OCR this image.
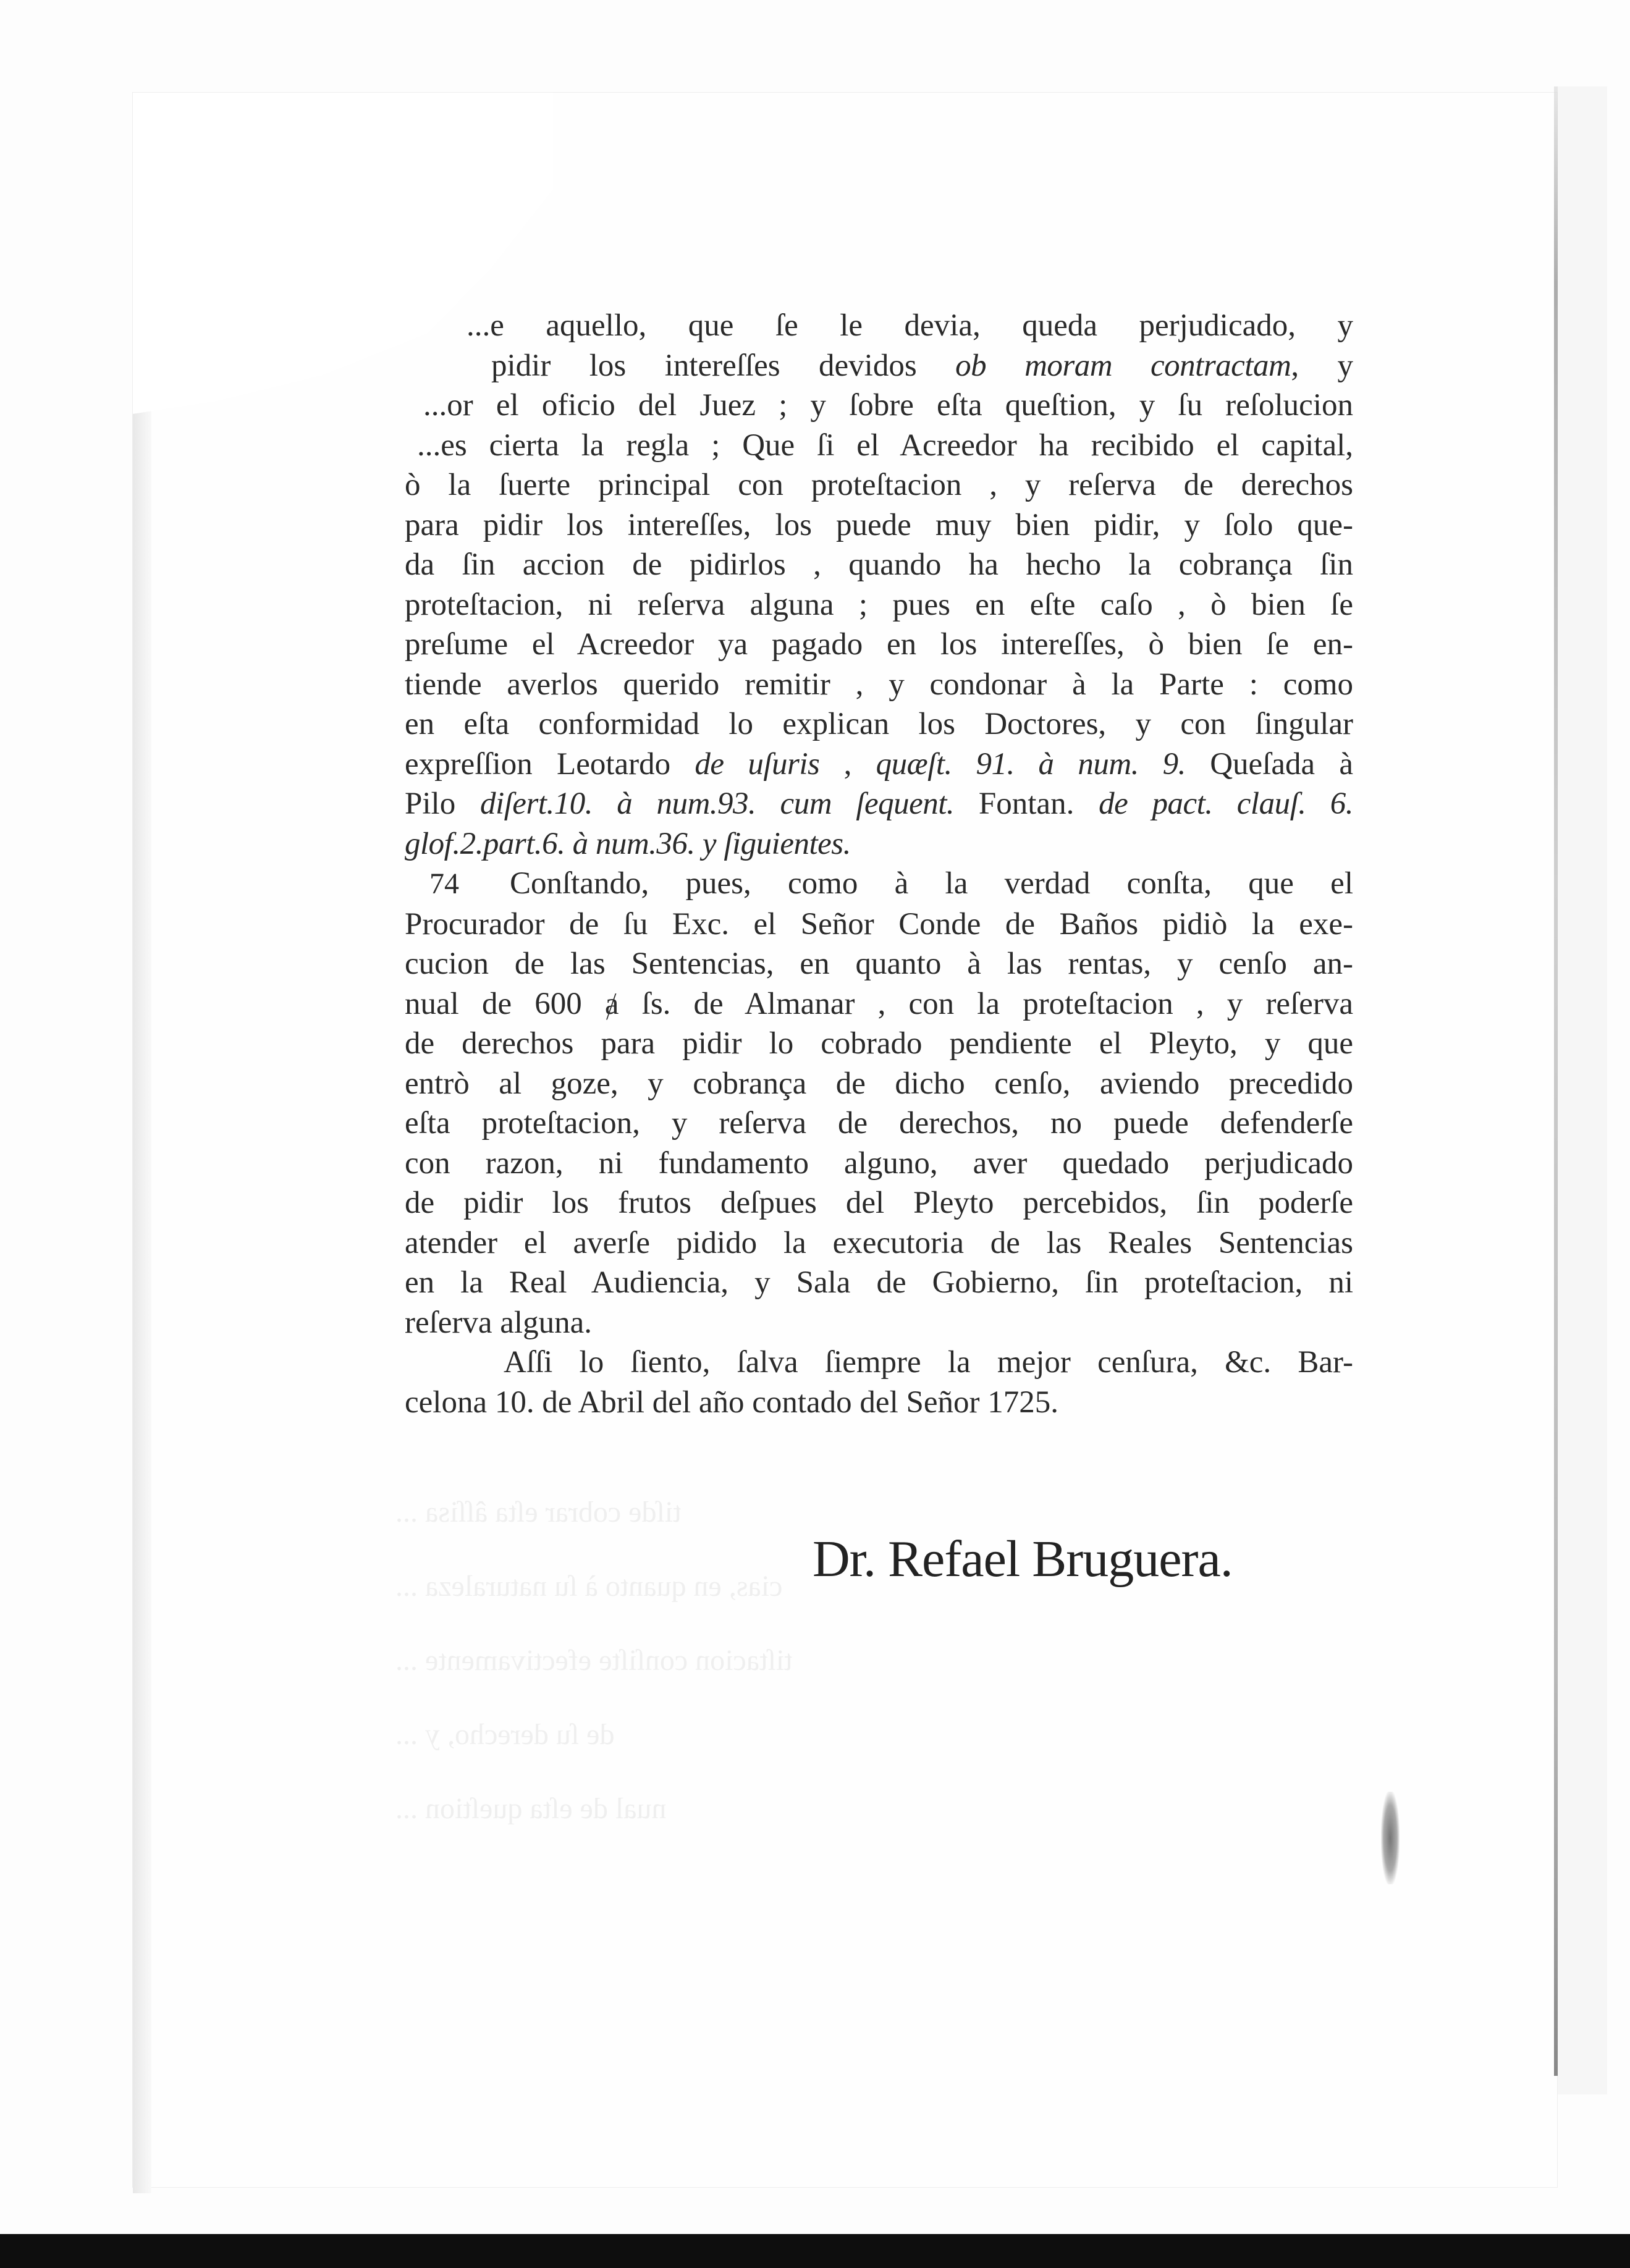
tiſde cobrar eſta âſſisa ...
cias, en quanto à ſu naturaleza ...
tiſtacion conſiſte efectivamente ...
de ſu derecho, y ...
nual de eſta queſtion ...
...e aquello, que ſe le devia, queda perjudicado, y
pidir los intereſſes devidos ob moram contractam, y
...or el oficio del Juez ; y ſobre eſta queſtion, y ſu reſolucion
...es cierta la regla ; Que ſi el Acreedor ha recibido el capital,
ò la ſuerte principal con proteſtacion , y reſerva de derechos
para pidir los intereſſes, los puede muy bien pidir, y ſolo que-
da ſin accion de pidirlos , quando ha hecho la cobrança ſin
proteſtacion, ni reſerva alguna ; pues en eſte caſo , ò bien ſe
preſume el Acreedor ya pagado en los intereſſes, ò bien ſe en-
tiende averlos querido remitir , y condonar à la Parte : como
en eſta conformidad lo explican los Doctores, y con ſingular
expreſſion Leotardo de uſuris , quæſt. 91. à num. 9. Queſada à
Pilo diſert.10. à num.93. cum ſequent. Fontan. de pact. clauſ. 6.
glof.2.part.6. à num.36. y ſiguientes.
74 Conſtando, pues, como à la verdad conſta, que el
Procurador de ſu Exc. el Señor Conde de Baños pidiò la exe-
cucion de las Sentencias, en quanto à las rentas, y cenſo an-
nual de 600 ⱥ ſs. de Almanar , con la proteſtacion , y reſerva
de derechos para pidir lo cobrado pendiente el Pleyto, y que
entrò al goze, y cobrança de dicho cenſo, aviendo precedido
eſta proteſtacion, y reſerva de derechos, no puede defenderſe
con razon, ni fundamento alguno, aver quedado perjudicado
de pidir los frutos deſpues del Pleyto percebidos, ſin poderſe
atender el averſe pidido la executoria de las Reales Sentencias
en la Real Audiencia, y Sala de Gobierno, ſin proteſtacion, ni
reſerva alguna.
Aſſi lo ſiento, ſalva ſiempre la mejor cenſura, &c. Bar-
celona 10. de Abril del año contado del Señor 1725.
Dr. Refael Bruguera.
